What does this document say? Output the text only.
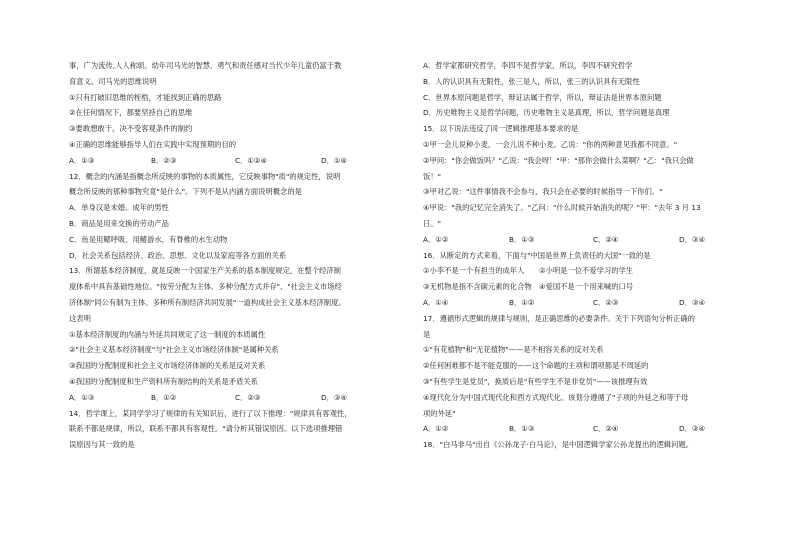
事，广为流传,人人称颂。幼年司马光的智慧、勇气和责任感对当代少年儿童仍富于教
育意义。司马光的思维说明
①只有打破旧思维的桎梏，才能找到正确的思路
②在任何情况下，都要坚持自己的思维
③要敢想敢干，决不受客观条件的制约
④正确的思维能够指导人们在实践中实现预期的目的
A．①③	B．②③	C．①②④	D．①④
12．概念的内涵是指概念所反映的事物的本质属性，它反映事物"质"的规定性，说明
概念所反映的那种事物究竟"是什么"。下列不是从内涵方面说明概念的是
A．单身汉是未婚、成年的男性
B．商品是用来交换的劳动产品
C．鱼是用鳃呼吸、用鳍游水，有脊椎的水生动物
D．社会关系包括经济、政治、思想、文化以及家庭等各方面的关系
13．所谓基本经济制度，就是反映一个国家生产关系的基本制度规定，在整个经济制
度体系中具有基础性地位。"按劳分配为主体、多种分配方式并存"、"社会主义市场经
济体制"同公有制为主体、多种所有制经济共同发展"一道构成社会主义基本经济制度。
这表明
①基本经济制度的内涵与外延共同规定了这一制度的本质属性
②"社会主义基本经济制度"与"社会主义市场经济体制"是属种关系
③我国的分配制度和社会主义市场经济体制的关系是反对关系
④我国的分配制度和生产资料所有制结构的关系是矛盾关系
A．①③	B．①②	C．②③	D．③④
14．哲学课上，某同学学习了规律的有关知识后，进行了以下推理："规律具有客观性，
联系不都是规律，所以，联系不都具有客观性。"请分析其错误原因。以下选项推理错
误原因与其一致的是
A．哲学家都研究哲学，李四不是哲学家，所以，李四不研究哲学
B．人的认识具有无限性，张三是人，所以，张三的认识具有无限性
C．世界本原问题是哲学，辩证法属于哲学，所以，辩证法是世界本原问题
D．历史唯物主义是哲学问题，历史唯物主义是真理，所以，哲学问题是真理
15．以下说法违反了同一逻辑推理基本要求的是
①甲一会儿说种小麦，一会儿说不种小麦。乙说："你的两种意见我都不同意。"
②甲问："你会做饭吗？"乙说："我会呀！"甲："那你会做什么菜啊？"乙："我只会做
饭！"
③甲对乙说："这件事情我不会参与，我只会在必要的时候指导一下你们。"
④甲说："我的记忆完全消失了。"乙问："什么时候开始消失的呢？"甲："去年 3 月 13
日。"
A．①②	B．①③	C．②④	D．③④
16．从断定的方式来看，下面与"中国是世界上负责任的大国"一致的是
①小李不是一个有担当的成年人　　②小明是一位不爱学习的学生
③无机物是指不含碳元素的化合物　④爱国不是一个用来喊的口号
A．①④	B．①②	C．②③	D．③④
17．遵循形式逻辑的规律与规则，是正确思维的必要条件。关于下列语句分析正确的
是
①"有花植物"和"无花植物"——是不相容关系的反对关系
②任何困难都不是不能克服的——这个命题的主项和谓项都是不周延的
③"有些学生是党员"，换质后是"有些学生不是非党员"——该推理有效
④现代化分为中国式现代化和西方式现代化。该划分遵循了"子项的外延之和等于母
项的外延"
A．①②	B．①③	C．②④	D．③④
18．"白马非马"出自《公孙龙子·白马论》，是中国逻辑学家公孙龙提出的逻辑问题。
